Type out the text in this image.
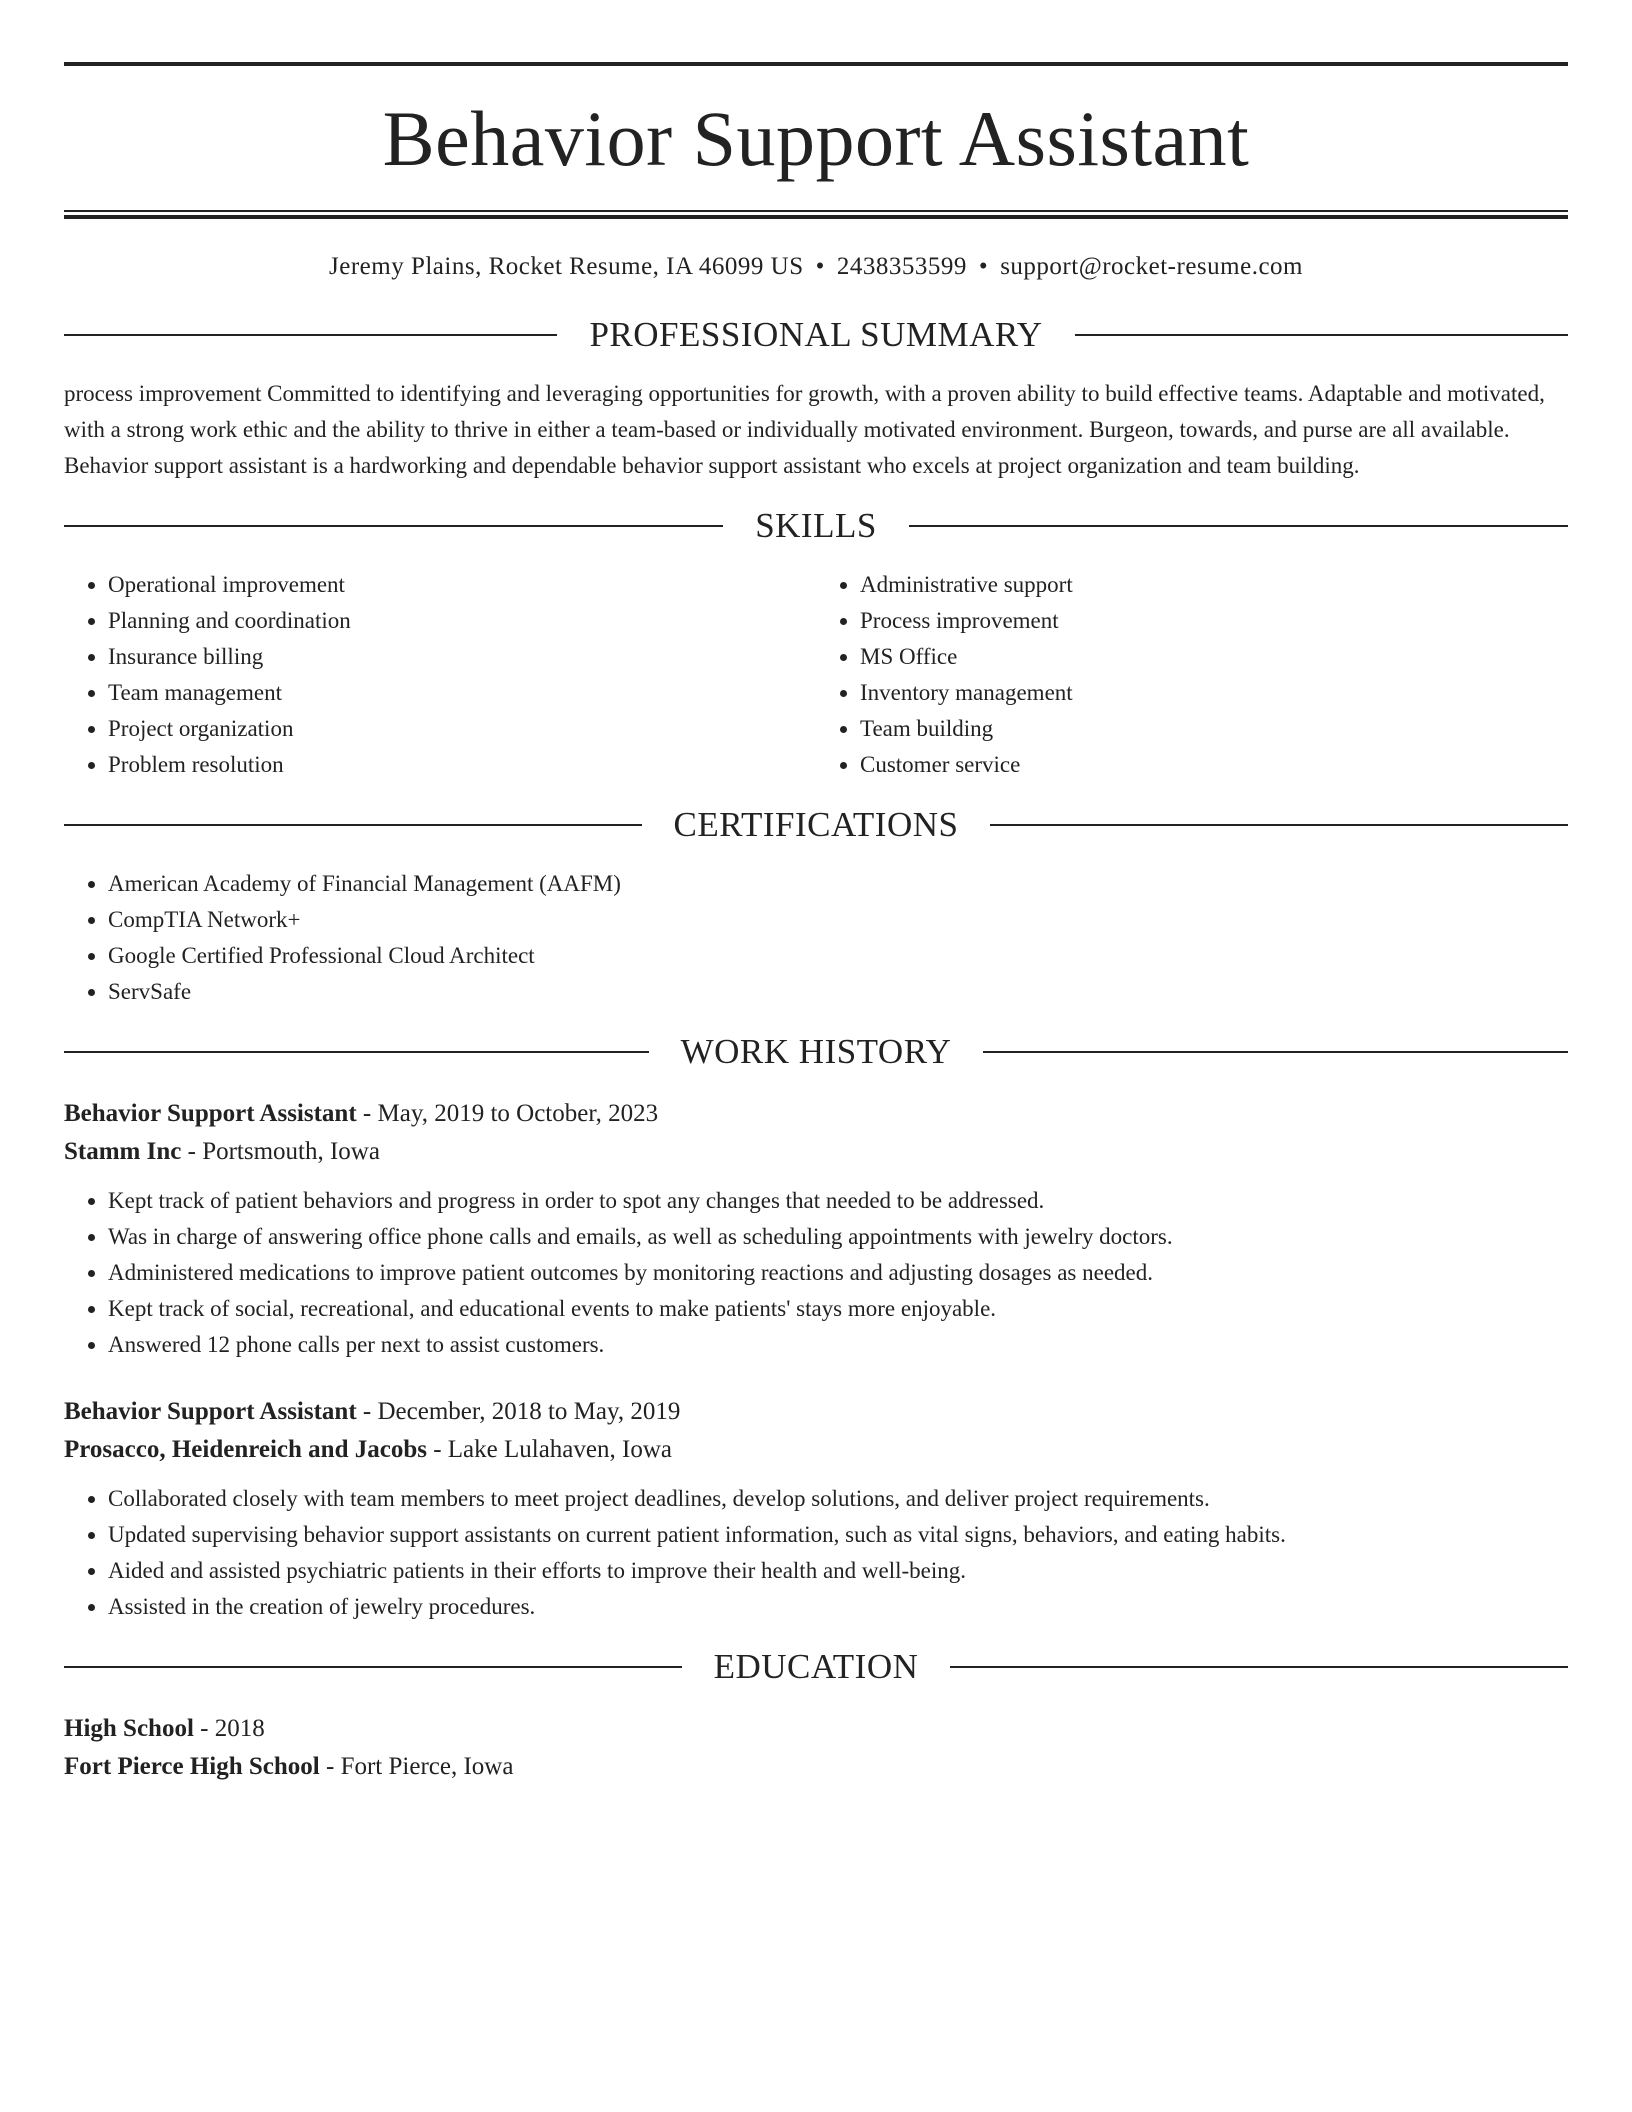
Behavior Support Assistant
Jeremy Plains, Rocket Resume, IA 46099 US • 2438353599 • support@rocket-resume.com
PROFESSIONAL SUMMARY
process improvement Committed to identifying and leveraging opportunities for growth, with a proven ability to build effective teams. Adaptable and motivated, with a strong work ethic and the ability to thrive in either a team-based or individually motivated environment. Burgeon, towards, and purse are all available. Behavior support assistant is a hardworking and dependable behavior support assistant who excels at project organization and team building.
SKILLS
• Operational improvement
• Planning and coordination
• Insurance billing
• Team management
• Project organization
• Problem resolution
• Administrative support
• Process improvement
• MS Office
• Inventory management
• Team building
• Customer service
CERTIFICATIONS
• American Academy of Financial Management (AAFM)
• CompTIA Network+
• Google Certified Professional Cloud Architect
• ServSafe
WORK HISTORY
Behavior Support Assistant - May, 2019 to October, 2023
Stamm Inc - Portsmouth, Iowa
• Kept track of patient behaviors and progress in order to spot any changes that needed to be addressed.
• Was in charge of answering office phone calls and emails, as well as scheduling appointments with jewelry doctors.
• Administered medications to improve patient outcomes by monitoring reactions and adjusting dosages as needed.
• Kept track of social, recreational, and educational events to make patients' stays more enjoyable.
• Answered 12 phone calls per next to assist customers.
Behavior Support Assistant - December, 2018 to May, 2019
Prosacco, Heidenreich and Jacobs - Lake Lulahaven, Iowa
• Collaborated closely with team members to meet project deadlines, develop solutions, and deliver project requirements.
• Updated supervising behavior support assistants on current patient information, such as vital signs, behaviors, and eating habits.
• Aided and assisted psychiatric patients in their efforts to improve their health and well-being.
• Assisted in the creation of jewelry procedures.
EDUCATION
High School - 2018
Fort Pierce High School - Fort Pierce, Iowa
